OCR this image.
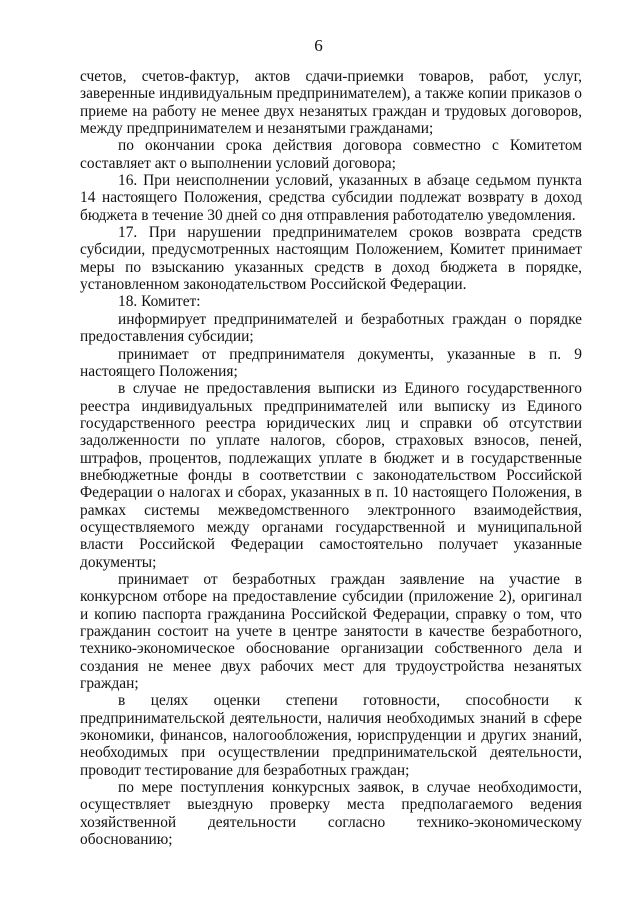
6

счетов, счетов-фактур, актов сдачи-приемки товаров, работ, услуг, заверенные индивидуальным предпринимателем), а также копии приказов о приеме на работу не менее двух незанятых граждан и трудовых договоров, между предпринимателем и незанятыми гражданами;

по окончании срока действия договора совместно с Комитетом составляет акт о выполнении условий договора;

16. При неисполнении условий, указанных в абзаце седьмом пункта 14 настоящего Положения, средства субсидии подлежат возврату в доход бюджета в течение 30 дней со дня отправления работодателю уведомления.

17. При нарушении предпринимателем сроков возврата средств субсидии, предусмотренных настоящим Положением, Комитет принимает меры по взысканию указанных средств в доход бюджета в порядке, установленном законодательством Российской Федерации.

18. Комитет:

информирует предпринимателей и безработных граждан о порядке предоставления субсидии;

принимает от предпринимателя документы, указанные в п. 9 настоящего Положения;

в случае не предоставления выписки из Единого государственного реестра индивидуальных предпринимателей или выписку из Единого государственного реестра юридических лиц и справки об отсутствии задолженности по уплате налогов, сборов, страховых взносов, пеней, штрафов, процентов, подлежащих уплате в бюджет и в государственные внебюджетные фонды в соответствии с законодательством Российской Федерации о налогах и сборах, указанных в п. 10 настоящего Положения, в рамках системы межведомственного электронного взаимодействия, осуществляемого между органами государственной и муниципальной власти Российской Федерации самостоятельно получает указанные документы;

принимает от безработных граждан заявление на участие в конкурсном отборе на предоставление субсидии (приложение 2), оригинал и копию паспорта гражданина Российской Федерации, справку о том, что гражданин состоит на учете в центре занятости в качестве безработного, технико-экономическое обоснование организации собственного дела и создания не менее двух рабочих мест для трудоустройства незанятых граждан;

в целях оценки степени готовности, способности к предпринимательской деятельности, наличия необходимых знаний в сфере экономики, финансов, налогообложения, юриспруденции и других знаний, необходимых при осуществлении предпринимательской деятельности, проводит тестирование для безработных граждан;

по мере поступления конкурсных заявок, в случае необходимости, осуществляет выездную проверку места предполагаемого ведения хозяйственной деятельности согласно технико-экономическому обоснованию;
